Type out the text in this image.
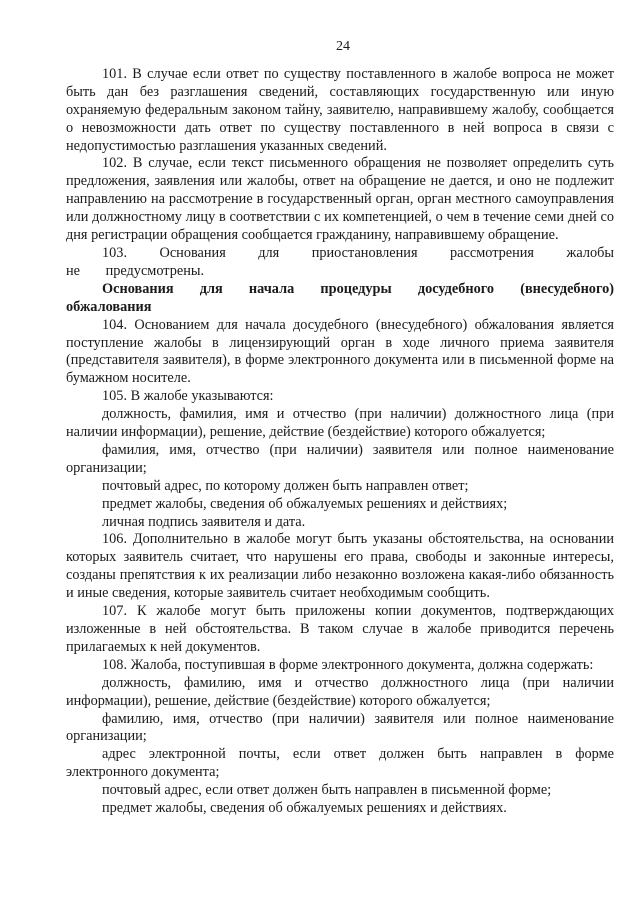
24

101. В случае если ответ по существу поставленного в жалобе вопроса не может быть дан без разглашения сведений, составляющих государственную или иную охраняемую федеральным законом тайну, заявителю, направившему жалобу, сообщается о невозможности дать ответ по существу поставленного в ней вопроса в связи с недопустимостью разглашения указанных сведений.

102. В случае, если текст письменного обращения не позволяет определить суть предложения, заявления или жалобы, ответ на обращение не дается, и оно не подлежит направлению на рассмотрение в государственный орган, орган местного самоуправления или должностному лицу в соответствии с их компетенцией, о чем в течение семи дней со дня регистрации обращения сообщается гражданину, направившему обращение.

103. Основания для приостановления рассмотрения жалобы не предусмотрены.

Основания для начала процедуры досудебного (внесудебного) обжалования

104. Основанием для начала досудебного (внесудебного) обжалования является поступление жалобы в лицензирующий орган в ходе личного приема заявителя (представителя заявителя), в форме электронного документа или в письменной форме на бумажном носителе.

105. В жалобе указываются:

должность, фамилия, имя и отчество (при наличии) должностного лица (при наличии информации), решение, действие (бездействие) которого обжалуется;

фамилия, имя, отчество (при наличии) заявителя или полное наименование организации;

почтовый адрес, по которому должен быть направлен ответ;

предмет жалобы, сведения об обжалуемых решениях и действиях;

личная подпись заявителя и дата.

106. Дополнительно в жалобе могут быть указаны обстоятельства, на основании которых заявитель считает, что нарушены его права, свободы и законные интересы, созданы препятствия к их реализации либо незаконно возложена какая-либо обязанность и иные сведения, которые заявитель считает необходимым сообщить.

107. К жалобе могут быть приложены копии документов, подтверждающих изложенные в ней обстоятельства. В таком случае в жалобе приводится перечень прилагаемых к ней документов.

108. Жалоба, поступившая в форме электронного документа, должна содержать:

должность, фамилию, имя и отчество должностного лица (при наличии информации), решение, действие (бездействие) которого обжалуется;

фамилию, имя, отчество (при наличии) заявителя или полное наименование организации;

адрес электронной почты, если ответ должен быть направлен в форме электронного документа;

почтовый адрес, если ответ должен быть направлен в письменной форме;

предмет жалобы, сведения об обжалуемых решениях и действиях.
